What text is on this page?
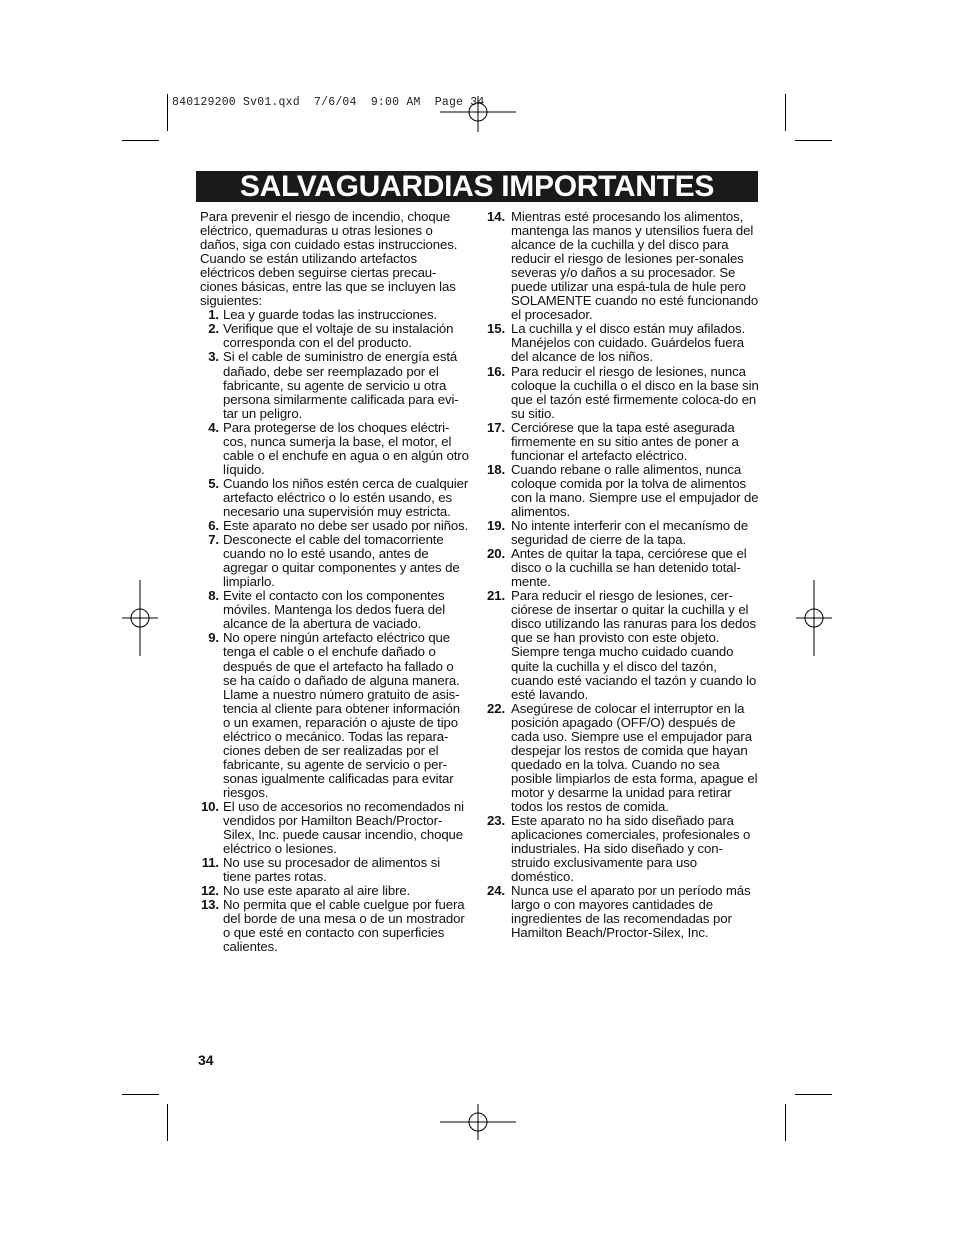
840129200 Sv01.qxd  7/6/04  9:00 AM  Page 34
SALVAGUARDIAS IMPORTANTES

Para prevenir el riesgo de incendio, choque eléctrico, quemaduras u otras lesiones o daños, siga con cuidado estas instrucciones. Cuando se están utilizando artefactos eléctricos deben seguirse ciertas precau-ciones básicas, entre las que se incluyen las siguientes:

1. Lea y guarde todas las instrucciones.
2. Verifique que el voltaje de su instalación corresponda con el del producto.
3. Si el cable de suministro de energía está dañado, debe ser reemplazado por el fabricante, su agente de servicio u otra persona similarmente calificada para evi-tar un peligro.
4. Para protegerse de los choques eléctri-cos, nunca sumerja la base, el motor, el cable o el enchufe en agua o en algún otro líquido.
5. Cuando los niños estén cerca de cualquier artefacto eléctrico o lo estén usando, es necesario una supervisión muy estricta.
6. Este aparato no debe ser usado por niños.
7. Desconecte el cable del tomacorriente cuando no lo esté usando, antes de agregar o quitar componentes y antes de limpiarlo.
8. Evite el contacto con los componentes móviles. Mantenga los dedos fuera del alcance de la abertura de vaciado.
9. No opere ningún artefacto eléctrico que tenga el cable o el enchufe dañado o después de que el artefacto ha fallado o se ha caído o dañado de alguna manera. Llame a nuestro número gratuito de asis-tencia al cliente para obtener información o un examen, reparación o ajuste de tipo eléctrico o mecánico. Todas las repara-ciones deben de ser realizadas por el fabricante, su agente de servicio o per-sonas igualmente calificadas para evitar riesgos.
10. El uso de accesorios no recomendados ni vendidos por Hamilton Beach/Proctor-Silex, Inc. puede causar incendio, choque eléctrico o lesiones.
11. No use su procesador de alimentos si tiene partes rotas.
12. No use este aparato al aire libre.
13. No permita que el cable cuelgue por fuera del borde de una mesa o de un mostrador o que esté en contacto con superficies calientes.
14. Mientras esté procesando los alimentos, mantenga las manos y utensilios fuera del alcance de la cuchilla y del disco para reducir el riesgo de lesiones per-sonales severas y/o daños a su procesador. Se puede utilizar una espá-tula de hule pero SOLAMENTE cuando no esté funcionando el procesador.
15. La cuchilla y el disco están muy afilados. Manéjelos con cuidado. Guárdelos fuera del alcance de los niños.
16. Para reducir el riesgo de lesiones, nunca coloque la cuchilla o el disco en la base sin que el tazón esté firmemente coloca-do en su sitio.
17. Cerciórese que la tapa esté asegurada firmemente en su sitio antes de poner a funcionar el artefacto eléctrico.
18. Cuando rebane o ralle alimentos, nunca coloque comida por la tolva de alimentos con la mano. Siempre use el empujador de alimentos.
19. No intente interferir con el mecanísmo de seguridad de cierre de la tapa.
20. Antes de quitar la tapa, cerciórese que el disco o la cuchilla se han detenido total-mente.
21. Para reducir el riesgo de lesiones, cer-ciórese de insertar o quitar la cuchilla y el disco utilizando las ranuras para los dedos que se han provisto con este objeto. Siempre tenga mucho cuidado cuando quite la cuchilla y el disco del tazón, cuando esté vaciando el tazón y cuando lo esté lavando.
22. Asegúrese de colocar el interruptor en la posición apagado (OFF/O) después de cada uso. Siempre use el empujador para despejar los restos de comida que hayan quedado en la tolva. Cuando no sea posible limpiarlos de esta forma, apague el motor y desarme la unidad para retirar todos los restos de comida.
23. Este aparato no ha sido diseñado para aplicaciones comerciales, profesionales o industriales. Ha sido diseñado y con-struido exclusivamente para uso doméstico.
24. Nunca use el aparato por un período más largo o con mayores cantidades de ingredientes de las recomendadas por Hamilton Beach/Proctor-Silex, Inc.
34
